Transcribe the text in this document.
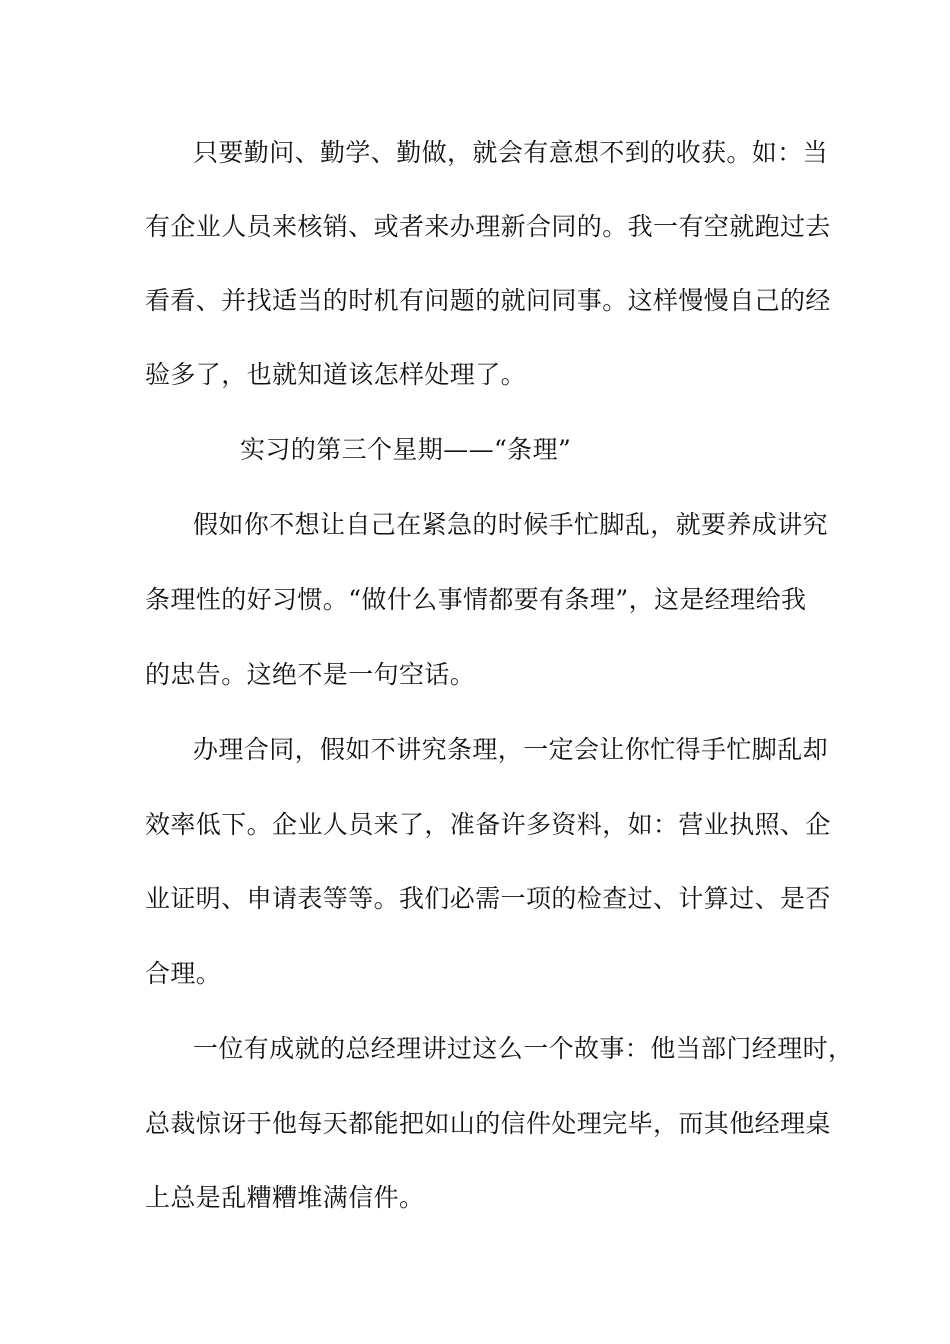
只要勤问、勤学、勤做，就会有意想不到的收获。如：当
有企业人员来核销、或者来办理新合同的。我一有空就跑过去
看看、并找适当的时机有问题的就问同事。这样慢慢自己的经
验多了，也就知道该怎样处理了。
实习的第三个星期——“条理”
假如你不想让自己在紧急的时候手忙脚乱，就要养成讲究
条理性的好习惯。“做什么事情都要有条理”，这是经理给我
的忠告。这绝不是一句空话。
办理合同，假如不讲究条理，一定会让你忙得手忙脚乱却
效率低下。企业人员来了，准备许多资料，如：营业执照、企
业证明、申请表等等。我们必需一项的检查过、计算过、是否
合理。
一位有成就的总经理讲过这么一个故事：他当部门经理时，
总裁惊讶于他每天都能把如山的信件处理完毕，而其他经理桌
上总是乱糟糟堆满信件。
